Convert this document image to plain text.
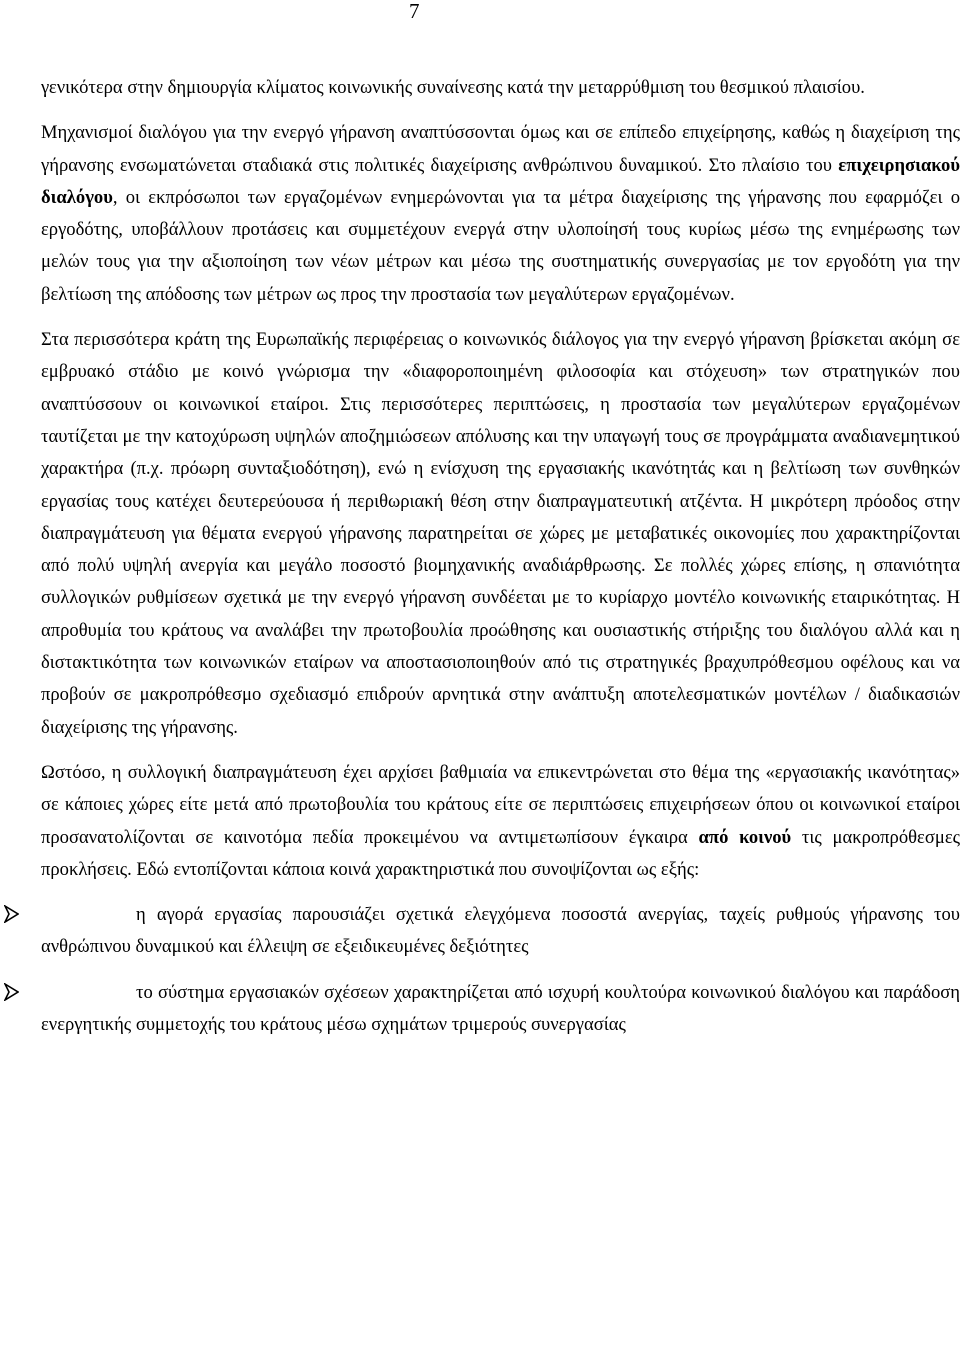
7

γενικότερα στην δημιουργία κλίματος κοινωνικής συναίνεσης κατά την μεταρρύθμιση του θεσμικού πλαισίου.

Μηχανισμοί διαλόγου για την ενεργό γήρανση αναπτύσσονται όμως και σε επίπεδο επιχείρησης, καθώς η διαχείριση της γήρανσης ενσωματώνεται σταδιακά στις πολιτικές διαχείρισης ανθρώπινου δυναμικού. Στο πλαίσιο του επιχειρησιακού διαλόγου, οι εκπρόσωποι των εργαζομένων ενημερώνονται για τα μέτρα διαχείρισης της γήρανσης που εφαρμόζει ο εργοδότης, υποβάλλουν προτάσεις και συμμετέχουν ενεργά στην υλοποίησή τους κυρίως μέσω της ενημέρωσης των μελών τους για την αξιοποίηση των νέων μέτρων και μέσω της συστηματικής συνεργασίας με τον εργοδότη για την βελτίωση της απόδοσης των μέτρων ως προς την προστασία των μεγαλύτερων εργαζομένων.

Στα περισσότερα κράτη της Ευρωπαϊκής περιφέρειας ο κοινωνικός διάλογος για την ενεργό γήρανση βρίσκεται ακόμη σε εμβρυακό στάδιο με κοινό γνώρισμα την «διαφοροποιημένη φιλοσοφία και στόχευση» των στρατηγικών που αναπτύσσουν οι κοινωνικοί εταίροι. Στις περισσότερες περιπτώσεις, η προστασία των μεγαλύτερων εργαζομένων ταυτίζεται με την κατοχύρωση υψηλών αποζημιώσεων απόλυσης και την υπαγωγή τους σε προγράμματα αναδιανεμητικού χαρακτήρα (π.χ. πρόωρη συνταξιοδότηση), ενώ η ενίσχυση της εργασιακής ικανότητάς και η βελτίωση των συνθηκών εργασίας τους κατέχει δευτερεύουσα ή περιθωριακή θέση στην διαπραγματευτική ατζέντα. Η μικρότερη πρόοδος στην διαπραγμάτευση για θέματα ενεργού γήρανσης παρατηρείται σε χώρες με μεταβατικές οικονομίες που χαρακτηρίζονται από πολύ υψηλή ανεργία και μεγάλο ποσοστό βιομηχανικής αναδιάρθρωσης. Σε πολλές χώρες επίσης, η σπανιότητα συλλογικών ρυθμίσεων σχετικά με την ενεργό γήρανση συνδέεται με το κυρίαρχο μοντέλο κοινωνικής εταιρικότητας. Η απροθυμία του κράτους να αναλάβει την πρωτοβουλία προώθησης και ουσιαστικής στήριξης του διαλόγου αλλά και η διστακτικότητα των κοινωνικών εταίρων να αποστασιοποιηθούν από τις στρατηγικές βραχυπρόθεσμου οφέλους και να προβούν σε μακροπρόθεσμο σχεδιασμό επιδρούν αρνητικά στην ανάπτυξη αποτελεσματικών μοντέλων / διαδικασιών διαχείρισης της γήρανσης.

Ωστόσο, η συλλογική διαπραγμάτευση έχει αρχίσει βαθμιαία να επικεντρώνεται στο θέμα της «εργασιακής ικανότητας» σε κάποιες χώρες είτε μετά από πρωτοβουλία του κράτους είτε σε περιπτώσεις επιχειρήσεων όπου οι κοινωνικοί εταίροι προσανατολίζονται σε καινοτόμα πεδία προκειμένου να αντιμετωπίσουν έγκαιρα από κοινού τις μακροπρόθεσμες προκλήσεις. Εδώ εντοπίζονται κάποια κοινά χαρακτηριστικά που συνοψίζονται ως εξής:

η αγορά εργασίας παρουσιάζει σχετικά ελεγχόμενα ποσοστά ανεργίας, ταχείς ρυθμούς γήρανσης του ανθρώπινου δυναμικού και έλλειψη σε εξειδικευμένες δεξιότητες

το σύστημα εργασιακών σχέσεων χαρακτηρίζεται από ισχυρή κουλτούρα κοινωνικού διαλόγου και παράδοση ενεργητικής συμμετοχής του κράτους μέσω σχημάτων τριμερούς συνεργασίας
